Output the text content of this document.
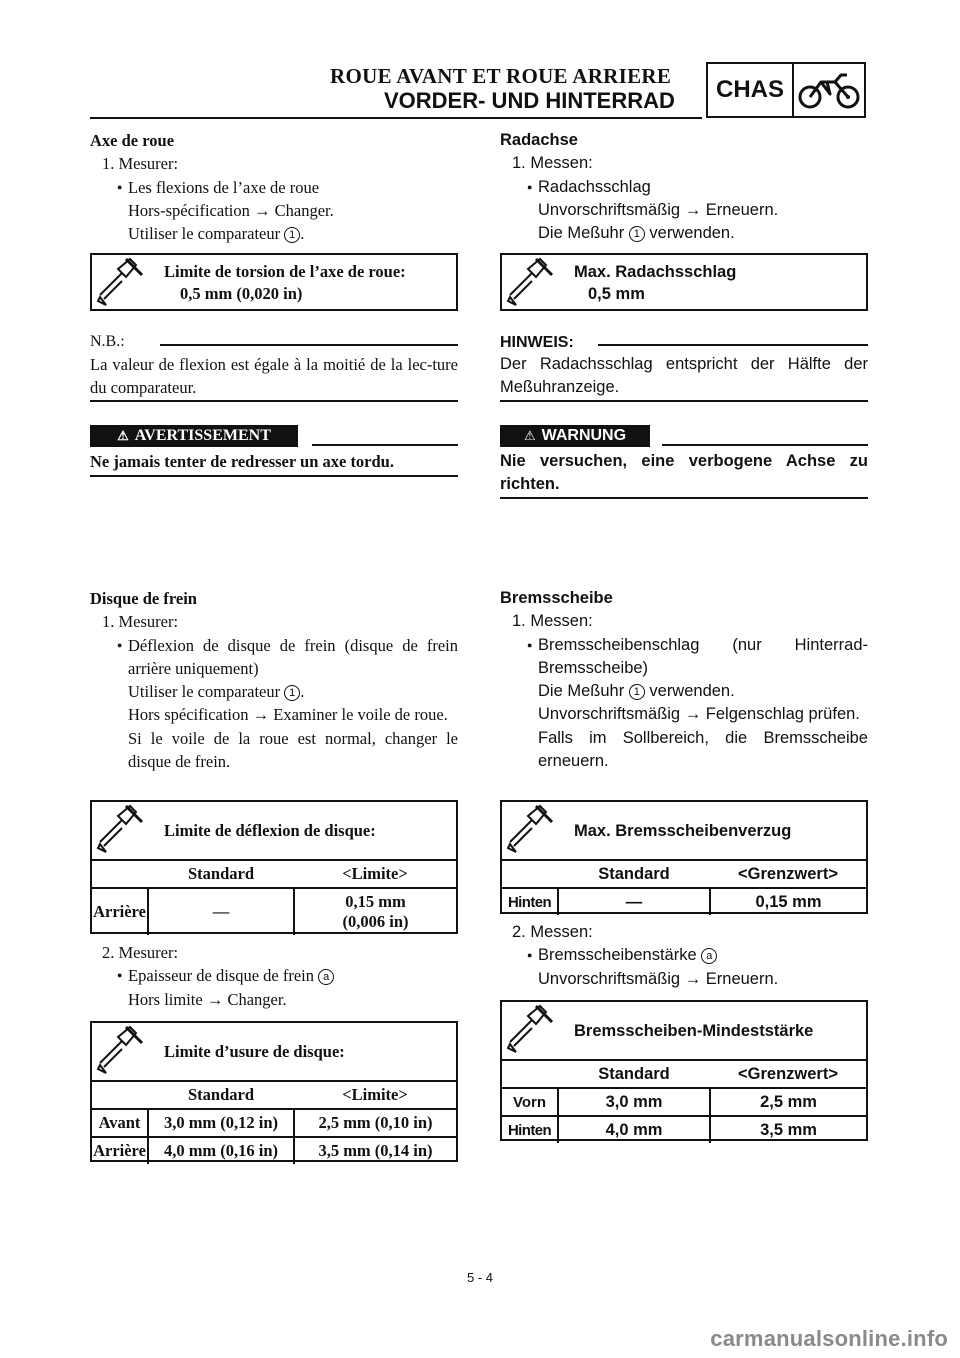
ROUE AVANT ET ROUE ARRIERE
VORDER- UND HINTERRAD	CHAS
Axe de roue
1. Mesurer:
● Les flexions de l’axe de roue
Hors-spécification → Changer.
Utiliser le comparateur 1 .
Limite de torsion de l’axe de roue:
0,5 mm (0,020 in)
N.B.:
La valeur de flexion est égale à la moitié de la lec-ture du comparateur.
⚠ AVERTISSEMENT
Ne jamais tenter de redresser un axe tordu.
Disque de frein
1. Mesurer:
● Déflexion de disque de frein (disque de frein arrière uniquement)
Utiliser le comparateur 1 .
Hors spécification → Examiner le voile de roue.
Si le voile de la roue est normal, changer le disque de frein.
Limite de déflexion de disque:
	Standard	<Limite>
Arrière	—	0,15 mm
(0,006 in)
2. Mesurer:
● Epaisseur de disque de frein a
Hors limite → Changer.
Limite d’usure de disque:
	Standard	<Limite>
Avant	3,0 mm (0,12 in)	2,5 mm (0,10 in)
Arrière	4,0 mm (0,16 in)	3,5 mm (0,14 in)
Radachse
1. Messen:
● Radachsschlag
Unvorschriftsmäßig → Erneuern.
Die Meßuhr 1 verwenden.
Max. Radachsschlag
0,5 mm
HINWEIS:
Der Radachsschlag entspricht der Hälfte der Meßuhranzeige.
⚠ WARNUNG
Nie versuchen, eine verbogene Achse zu richten.
Bremsscheibe
1. Messen:
● Bremsscheibenschlag (nur Hinterrad-Bremsscheibe)
Die Meßuhr 1 verwenden.
Unvorschriftsmäßig → Felgenschlag prüfen.
Falls im Sollbereich, die Bremsscheibe erneuern.
Max. Bremsscheibenverzug
	Standard	<Grenzwert>
Hinten	—	0,15 mm
2. Messen:
● Bremsscheibenstärke a
Unvorschriftsmäßig → Erneuern.
Bremsscheiben-Mindeststärke
	Standard	<Grenzwert>
Vorn	3,0 mm	2,5 mm
Hinten	4,0 mm	3,5 mm
5 - 4
carmanualsonline.info
